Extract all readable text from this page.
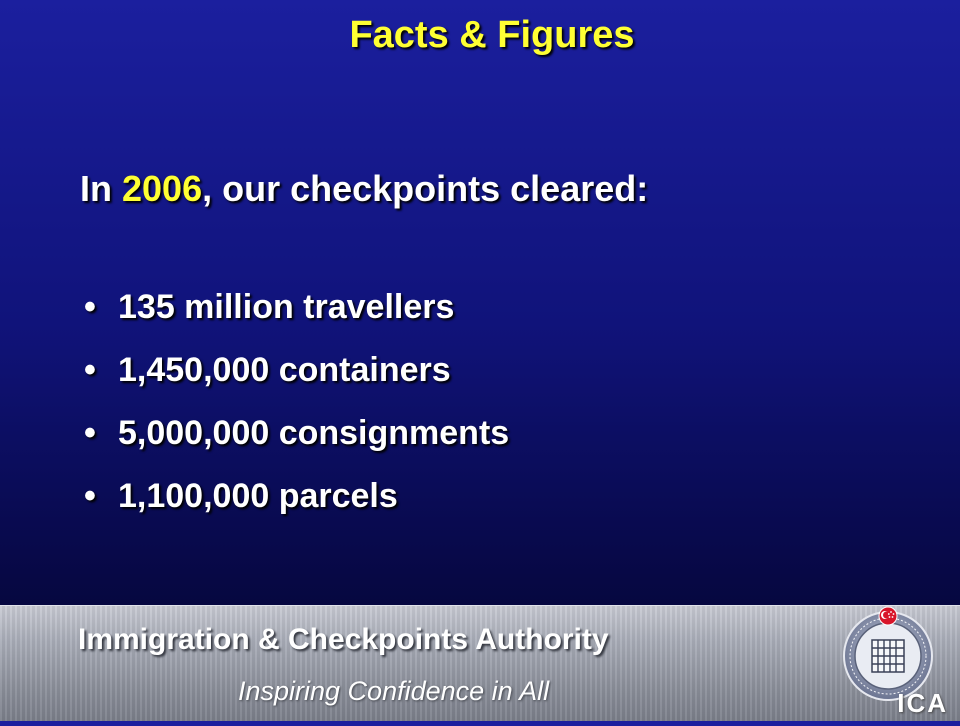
Facts & Figures
In 2006, our checkpoints cleared:
• 135 million travellers
• 1,450,000 containers
• 5,000,000 consignments
• 1,100,000 parcels
Immigration & Checkpoints Authority
Inspiring Confidence in All	ICA
